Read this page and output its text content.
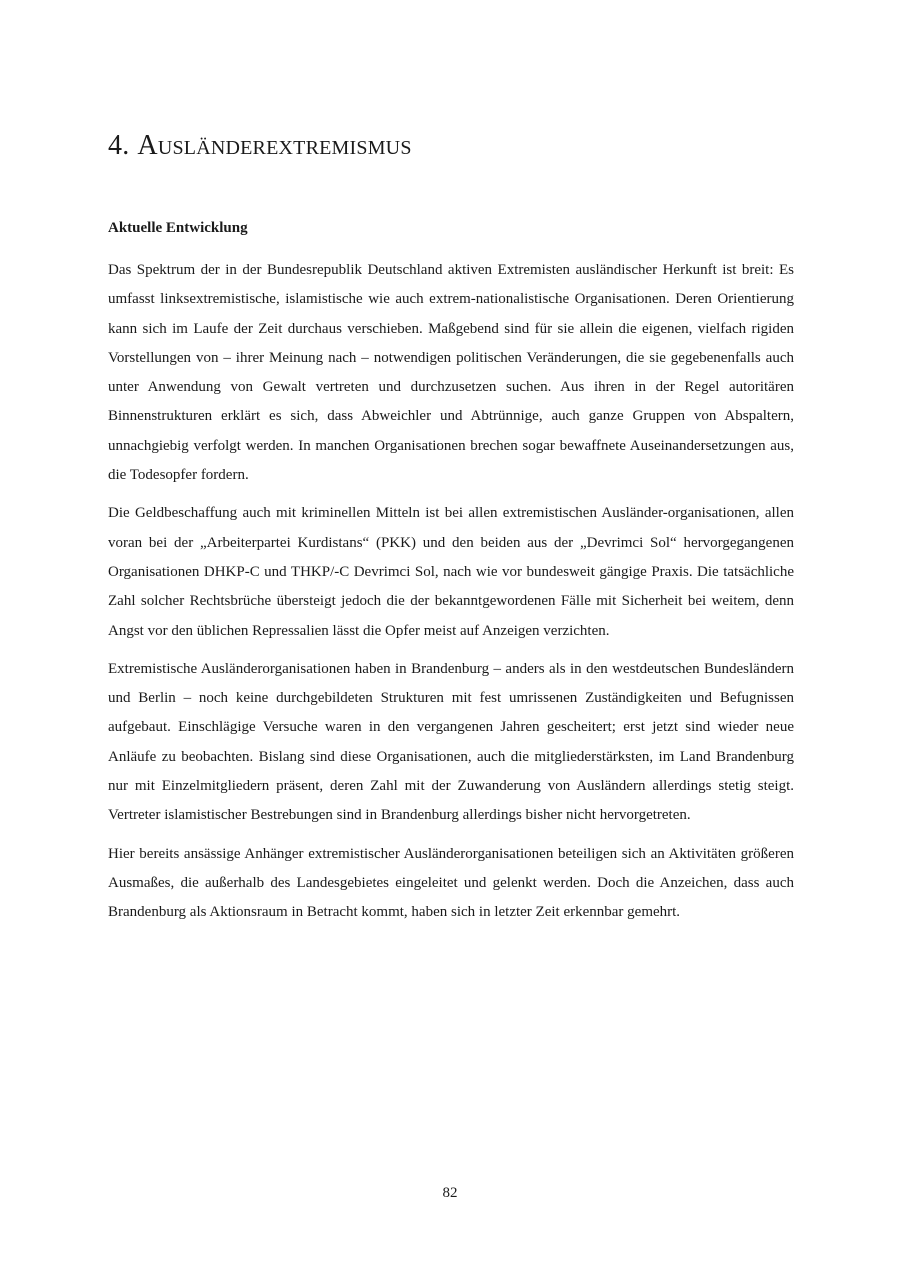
4. Ausländerextremismus
Aktuelle Entwicklung

Das Spektrum der in der Bundesrepublik Deutschland aktiven Extremisten ausländischer Herkunft ist breit: Es umfasst linksextremistische, islamistische wie auch extrem-nationalistische Organisationen. Deren Orientierung kann sich im Laufe der Zeit durchaus verschieben. Maßgebend sind für sie allein die eigenen, vielfach rigiden Vorstellungen von – ihrer Meinung nach – notwendigen politischen Veränderungen, die sie gegebenenfalls auch unter Anwendung von Gewalt vertreten und durchzusetzen suchen. Aus ihren in der Regel autoritären Binnenstrukturen erklärt es sich, dass Abweichler und Abtrünnige, auch ganze Gruppen von Abspaltern, unnachgiebig verfolgt werden. In manchen Organisationen brechen sogar bewaffnete Auseinandersetzungen aus, die Todesopfer fordern.

Die Geldbeschaffung auch mit kriminellen Mitteln ist bei allen extremistischen Ausländer-organisationen, allen voran bei der „Arbeiterpartei Kurdistans“ (PKK) und den beiden aus der „Devrimci Sol“ hervorgegangenen Organisationen DHKP-C und THKP/-C Devrimci Sol, nach wie vor bundesweit gängige Praxis. Die tatsächliche Zahl solcher Rechtsbrüche übersteigt jedoch die der bekanntgewordenen Fälle mit Sicherheit bei weitem, denn Angst vor den üblichen Repressalien lässt die Opfer meist auf Anzeigen verzichten.

Extremistische Ausländerorganisationen haben in Brandenburg – anders als in den westdeutschen Bundesländern und Berlin – noch keine durchgebildeten Strukturen mit fest umrissenen Zuständigkeiten und Befugnissen aufgebaut. Einschlägige Versuche waren in den vergangenen Jahren gescheitert; erst jetzt sind wieder neue Anläufe zu beobachten. Bislang sind diese Organisationen, auch die mitgliederstärksten, im Land Brandenburg nur mit Einzelmitgliedern präsent, deren Zahl mit der Zuwanderung von Ausländern allerdings stetig steigt. Vertreter islamistischer Bestrebungen sind in Brandenburg allerdings bisher nicht hervorgetreten.

Hier bereits ansässige Anhänger extremistischer Ausländerorganisationen beteiligen sich an Aktivitäten größeren Ausmaßes, die außerhalb des Landesgebietes eingeleitet und gelenkt werden. Doch die Anzeichen, dass auch Brandenburg als Aktionsraum in Betracht kommt, haben sich in letzter Zeit erkennbar gemehrt.

82
